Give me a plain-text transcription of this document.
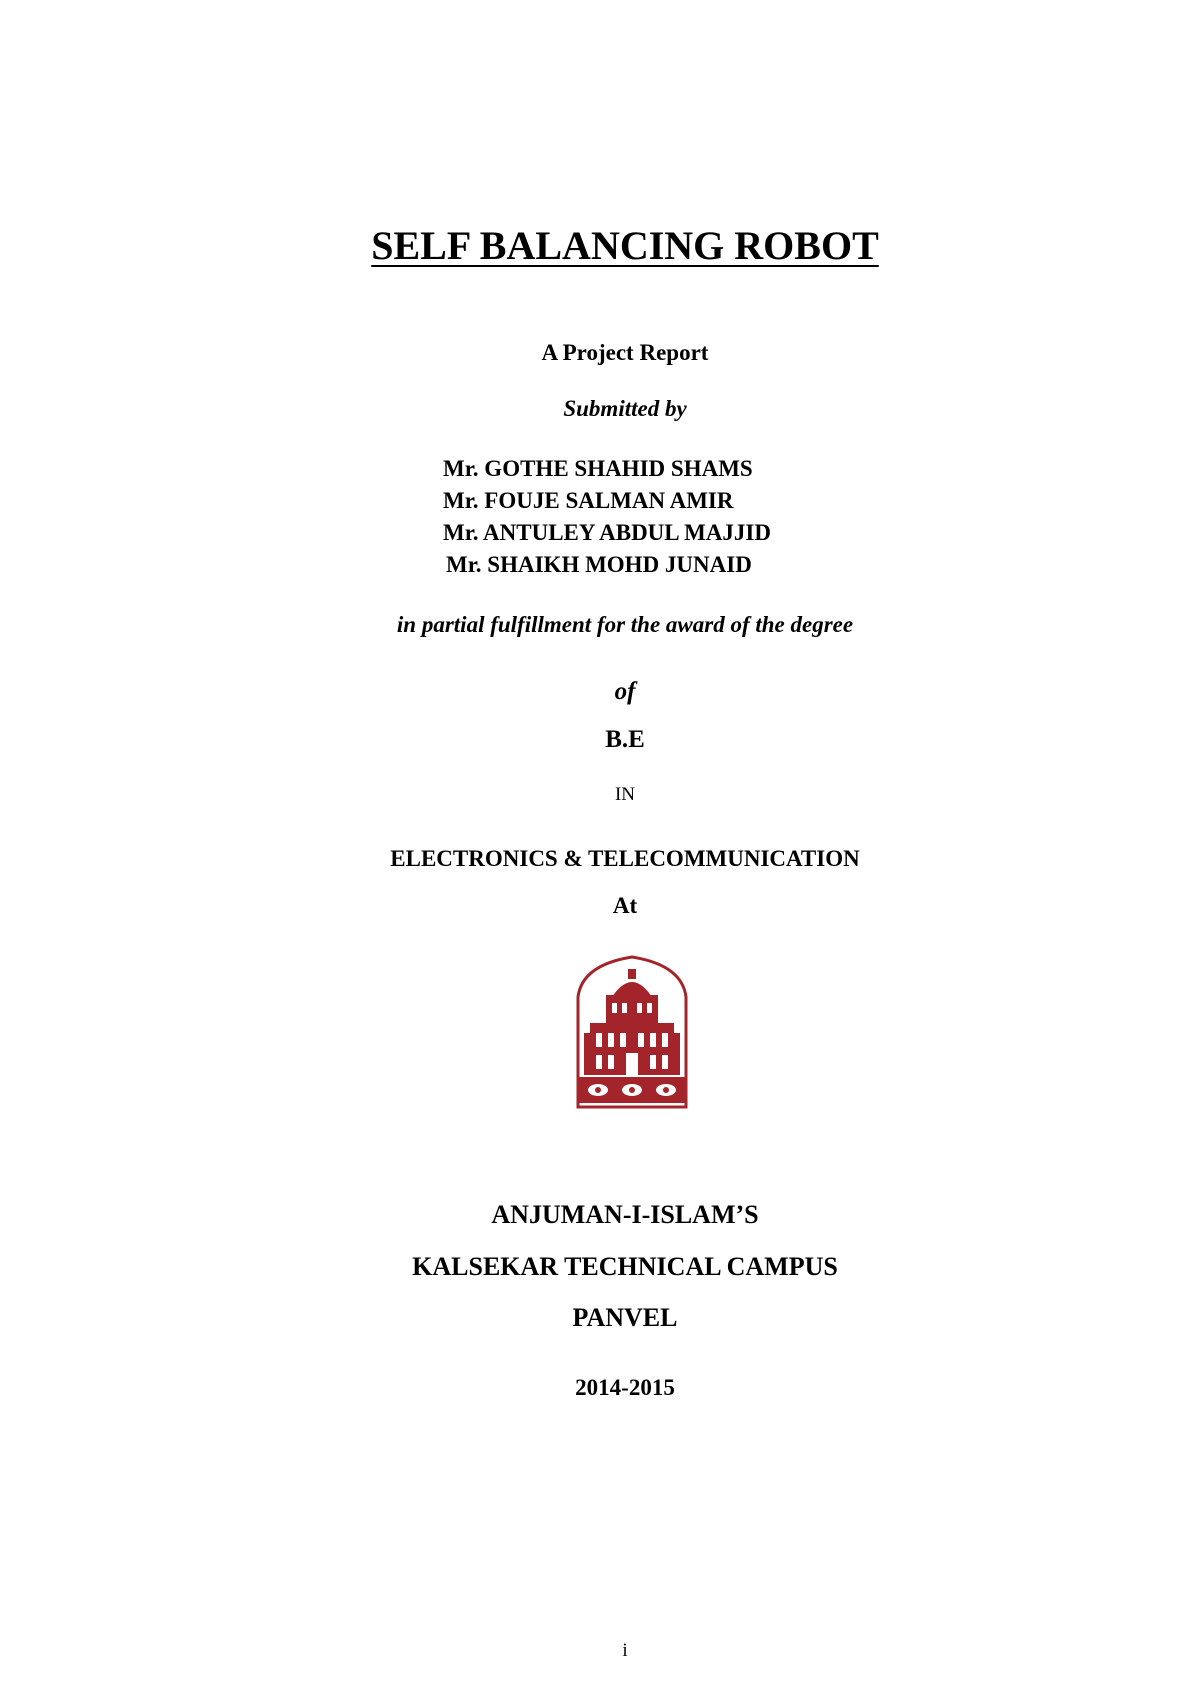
SELF BALANCING ROBOT
A Project Report
Submitted by
Mr. GOTHE SHAHID SHAMS
Mr. FOUJE SALMAN AMIR
Mr. ANTULEY ABDUL MAJJID
Mr. SHAIKH MOHD JUNAID
in partial fulfillment for the award of the degree
of
B.E
IN
ELECTRONICS & TELECOMMUNICATION
At
ANJUMAN-I-ISLAM’S
KALSEKAR TECHNICAL CAMPUS
PANVEL
2014-2015
i
